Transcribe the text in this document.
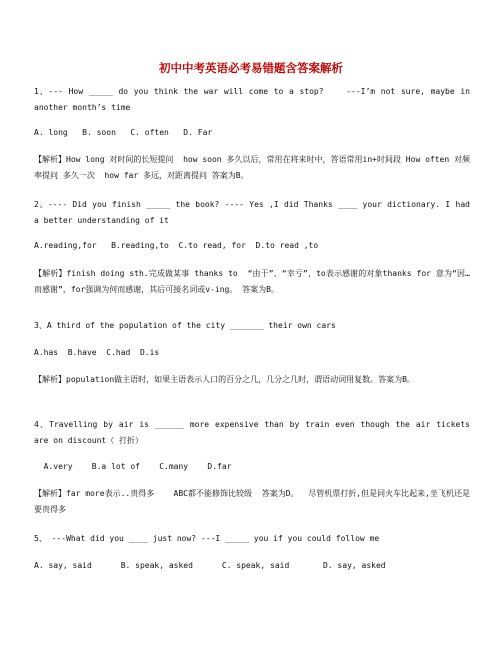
初中中考英语必考易错题含答案解析

1、--- How _____ do you think the war will come to a stop?    ---I’m not sure, maybe in another month’s time

A. long   B. soon   C. often   D. Far

【解析】How long 对时间的长短提问  how soon 多久以后，常用在将来时中，答语常用in+时间段 How often 对频率提问 多久一次  how far 多远，对距离提问 答案为B。

2、---- Did you finish _____ the book? ---- Yes ,I did Thanks ____ your dictionary. I had a better understanding of it

A.reading,for   B.reading,to  C.to read, for  D.to read ,to

【解析】finish doing sth.完成做某事 thanks to  “由于”、“幸亏”，to表示感谢的对象thanks for 意为“因…而感谢”，for强调为何而感谢，其后可接名词或v-ing。 答案为B。

3、A third of the population of the city _______ their own cars

A.has  B.have  C.had  D.is

【解析】population做主语时，如果主语表示人口的百分之几，几分之几时，谓语动词用复数。答案为B。

4、Travelling by air is ______ more expensive than by train even though the air tickets are on discount（ 打折）

A.very    B.a lot of    C.many    D.far

【解析】far more表示..贵得多    ABC都不能修饰比较级  答案为D。  尽管机票打折,但是同火车比起来,坐飞机还是要贵得多

5、 ---What did you ____ just now? ---I _____ you if you could follow me

A. say, said      B. speak, asked      C. speak, said       D. say, asked
